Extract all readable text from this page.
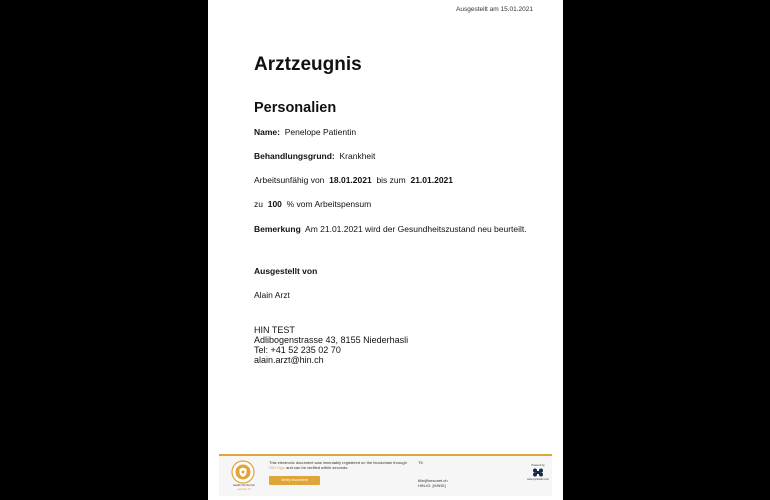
Ausgestellt am 15.01.2021
Arztzeugnis
Personalien
Name: Penelope Patientin
Behandlungsgrund: Krankheit
Arbeitsunfähig von 18.01.2021 bis zum 21.01.2021
zu 100 % vom Arbeitspensum
Bemerkung Am 21.01.2021 wird der Gesundheitszustand neu beurteilt.
Ausgestellt von
Alain Arzt
HIN TEST
Adlibogenstrasse 43, 8155 Niederhasli
Tel: +41 52 235 02 70
alain.arzt@hin.ch
Health Info Net AG
www.hin.ch
This electronic document was immutably registered on the blockchain through HIN Sign and can be verified within seconds.
Verify document
TK
.
tilin@besonet.ch
HIN-ID: [HINID]
Powered by
www.symbiotic.com
